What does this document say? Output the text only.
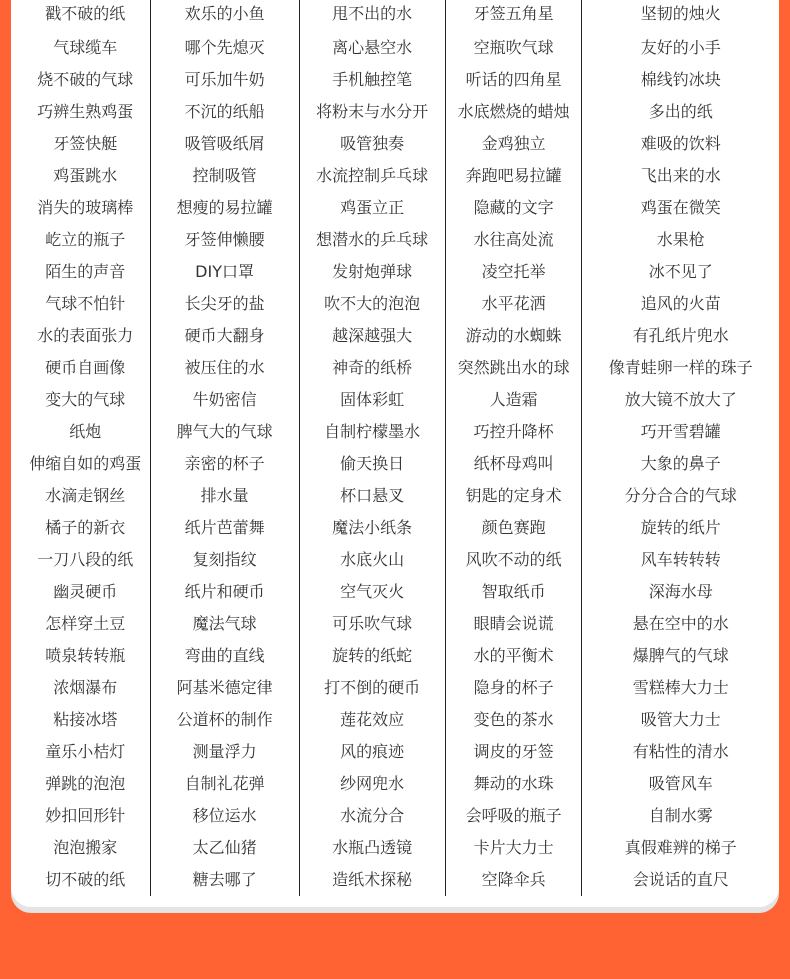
戳不破的纸	欢乐的小鱼	甩不出的水	牙签五角星	坚韧的烛火
气球缆车	哪个先熄灭	离心悬空水	空瓶吹气球	友好的小手
烧不破的气球	可乐加牛奶	手机触控笔	听话的四角星	棉线钓冰块
巧辨生熟鸡蛋	不沉的纸船	将粉末与水分开	水底燃烧的蜡烛	多出的纸
牙签快艇	吸管吸纸屑	吸管独奏	金鸡独立	难吸的饮料
鸡蛋跳水	控制吸管	水流控制乒乓球	奔跑吧易拉罐	飞出来的水
消失的玻璃棒	想瘦的易拉罐	鸡蛋立正	隐藏的文字	鸡蛋在微笑
屹立的瓶子	牙签伸懒腰	想潜水的乒乓球	水往高处流	水果枪
陌生的声音	DIY口罩	发射炮弹球	凌空托举	冰不见了
气球不怕针	长尖牙的盐	吹不大的泡泡	水平花洒	追风的火苗
水的表面张力	硬币大翻身	越深越强大	游动的水蜘蛛	有孔纸片兜水
硬币自画像	被压住的水	神奇的纸桥	突然跳出水的球	像青蛙卵一样的珠子
变大的气球	牛奶密信	固体彩虹	人造霜	放大镜不放大了
纸炮	脾气大的气球	自制柠檬墨水	巧控升降杯	巧开雪碧罐
伸缩自如的鸡蛋	亲密的杯子	偷天换日	纸杯母鸡叫	大象的鼻子
水滴走钢丝	排水量	杯口悬叉	钥匙的定身术	分分合合的气球
橘子的新衣	纸片芭蕾舞	魔法小纸条	颜色赛跑	旋转的纸片
一刀八段的纸	复刻指纹	水底火山	风吹不动的纸	风车转转转
幽灵硬币	纸片和硬币	空气灭火	智取纸币	深海水母
怎样穿土豆	魔法气球	可乐吹气球	眼睛会说谎	悬在空中的水
喷泉转转瓶	弯曲的直线	旋转的纸蛇	水的平衡术	爆脾气的气球
浓烟瀑布	阿基米德定律	打不倒的硬币	隐身的杯子	雪糕棒大力士
粘接冰塔	公道杯的制作	莲花效应	变色的茶水	吸管大力士
童乐小桔灯	测量浮力	风的痕迹	调皮的牙签	有粘性的清水
弹跳的泡泡	自制礼花弹	纱网兜水	舞动的水珠	吸管风车
妙扣回形针	移位运水	水流分合	会呼吸的瓶子	自制水雾
泡泡搬家	太乙仙猪	水瓶凸透镜	卡片大力士	真假难辨的梯子
切不破的纸	糖去哪了	造纸术探秘	空降伞兵	会说话的直尺
